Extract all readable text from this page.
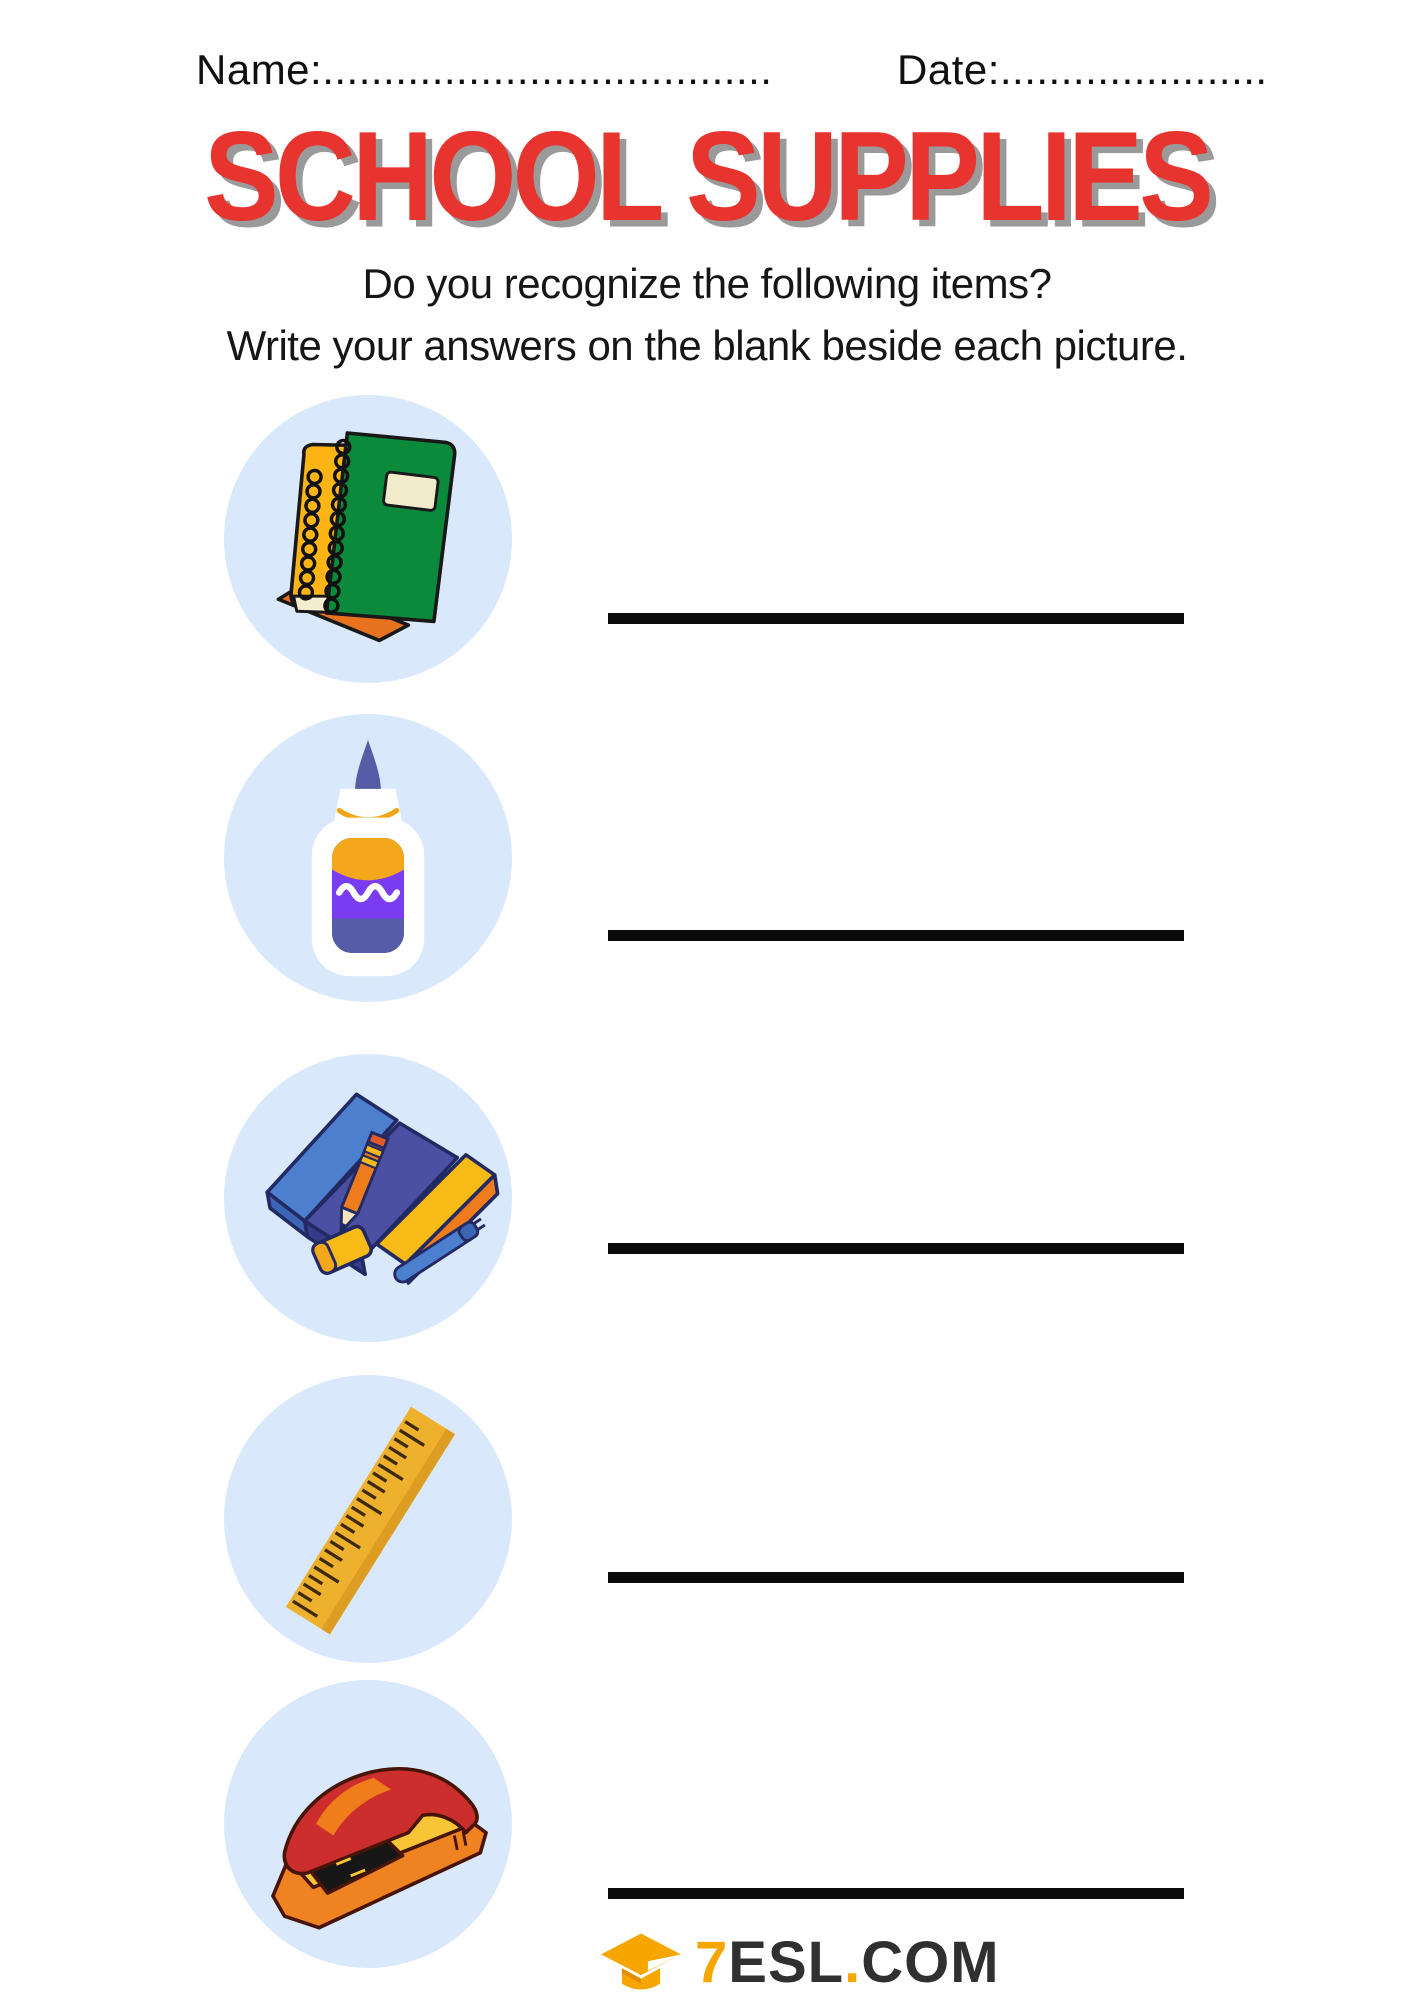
Name:.....................................	Date:......................
SCHOOL SUPPLIES

Do you recognize the following items?

Write your answers on the blank beside each picture.

7ESL.COM
